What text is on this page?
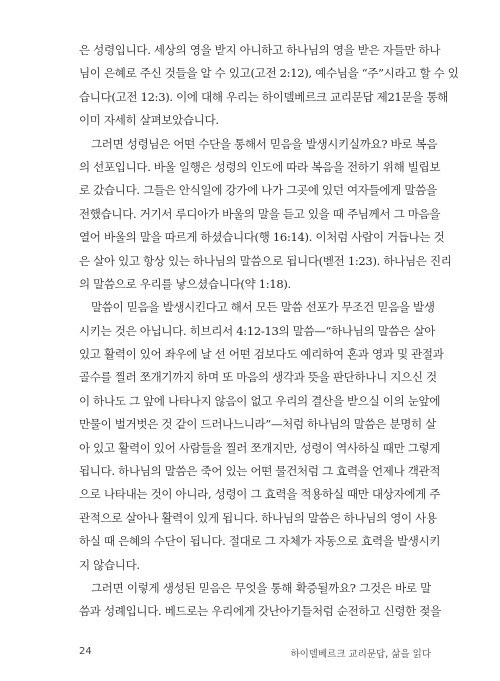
은 성령입니다. 세상의 영을 받지 아니하고 하나님의 영을 받은 자들만 하나
님이 은혜로 주신 것들을 알 수 있고(고전 2:12), 예수님을 “주”시라고 할 수 있
습니다(고전 12:3). 이에 대해 우리는 하이델베르크 교리문답 제21문을 통해
이미 자세히 살펴보았습니다.
그러면 성령님은 어떤 수단을 통해서 믿음을 발생시키실까요? 바로 복음
의 선포입니다. 바울 일행은 성령의 인도에 따라 복음을 전하기 위해 빌립보
로 갔습니다. 그들은 안식일에 강가에 나가 그곳에 있던 여자들에게 말씀을
전했습니다. 거기서 루디아가 바울의 말을 듣고 있을 때 주님께서 그 마음을
열어 바울의 말을 따르게 하셨습니다(행 16:14). 이처럼 사람이 거듭나는 것
은 살아 있고 항상 있는 하나님의 말씀으로 됩니다(벧전 1:23). 하나님은 진리
의 말씀으로 우리를 낳으셨습니다(약 1:18).
말씀이 믿음을 발생시킨다고 해서 모든 말씀 선포가 무조건 믿음을 발생
시키는 것은 아닙니다. 히브리서 4:12-13의 말씀—“하나님의 말씀은 살아
있고 활력이 있어 좌우에 날 선 어떤 검보다도 예리하여 혼과 영과 및 관절과
골수를 찔러 쪼개기까지 하며 또 마음의 생각과 뜻을 판단하나니 지으신 것
이 하나도 그 앞에 나타나지 않음이 없고 우리의 결산을 받으실 이의 눈앞에
만물이 벌거벗은 것 같이 드러나느니라”—처럼 하나님의 말씀은 분명히 살
아 있고 활력이 있어 사람들을 찔러 쪼개지만, 성령이 역사하실 때만 그렇게
됩니다. 하나님의 말씀은 죽어 있는 어떤 물건처럼 그 효력을 언제나 객관적
으로 나타내는 것이 아니라, 성령이 그 효력을 적용하실 때만 대상자에게 주
관적으로 살아나 활력이 있게 됩니다. 하나님의 말씀은 하나님의 영이 사용
하실 때 은혜의 수단이 됩니다. 절대로 그 자체가 자동으로 효력을 발생시키
지 않습니다.
그러면 이렇게 생성된 믿음은 무엇을 통해 확증될까요? 그것은 바로 말
씀과 성례입니다. 베드로는 우리에게 갓난아기들처럼 순전하고 신령한 젖을
24	하이델베르크 교리문답, 삶을 읽다
